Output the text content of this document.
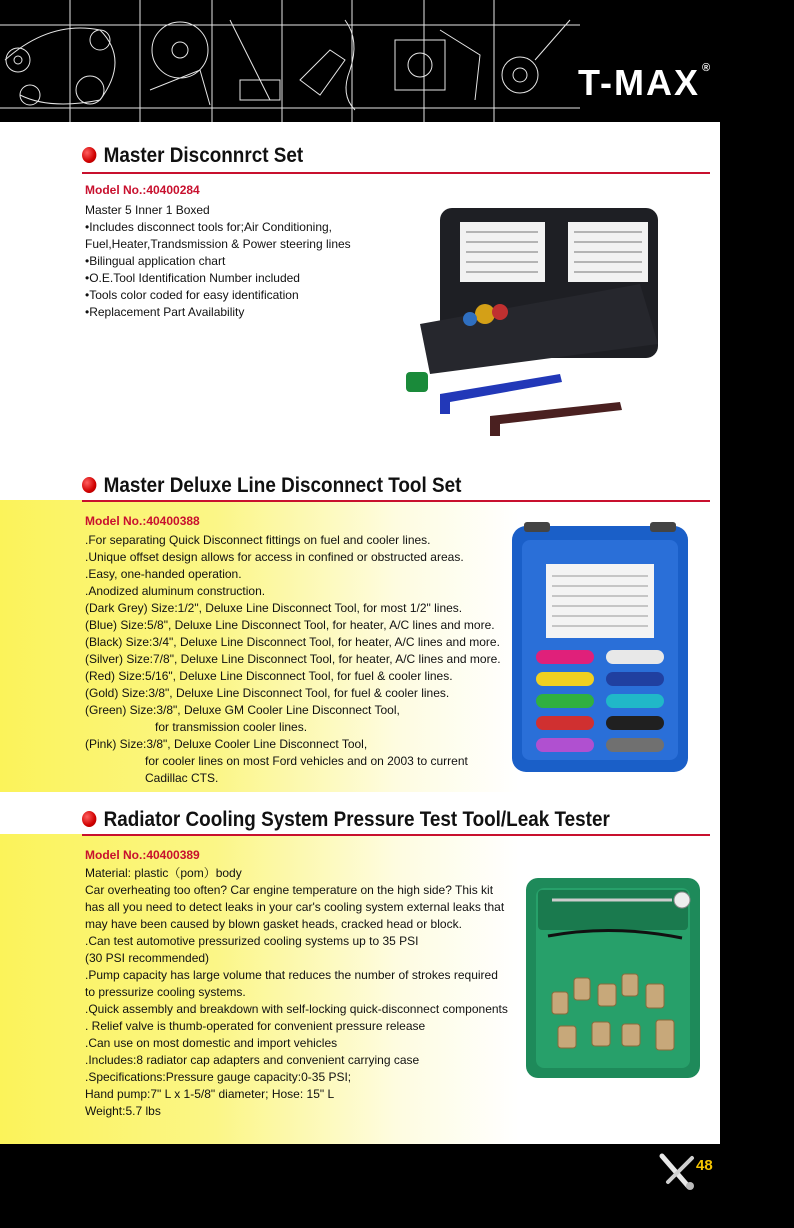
T-MAX ®
Master Disconnrct Set
Model No.:40400284
Master 5 Inner 1 Boxed
•Includes disconnect tools for;Air Conditioning,
Fuel,Heater,Trandsmission & Power steering lines
•Bilingual application chart
•O.E.Tool Identification Number included
•Tools color coded for easy identification
•Replacement Part Availability
Master Deluxe Line Disconnect Tool Set
Model No.:40400388
.For separating Quick Disconnect fittings on fuel and cooler lines.
.Unique offset design allows for access in confined or obstructed areas.
.Easy, one-handed operation.
.Anodized aluminum construction.
(Dark Grey) Size:1/2", Deluxe Line Disconnect Tool, for most 1/2" lines.
(Blue) Size:5/8", Deluxe Line Disconnect Tool, for heater, A/C lines and more.
(Black) Size:3/4", Deluxe Line Disconnect Tool, for heater, A/C lines and more.
(Silver) Size:7/8", Deluxe Line Disconnect Tool, for heater, A/C lines and more.
(Red) Size:5/16", Deluxe Line Disconnect Tool, for fuel & cooler lines.
(Gold) Size:3/8", Deluxe Line Disconnect Tool, for fuel & cooler lines.
(Green) Size:3/8", Deluxe GM Cooler Line Disconnect Tool,
for transmission cooler lines.
(Pink) Size:3/8", Deluxe Cooler Line Disconnect Tool,
for cooler lines on most Ford vehicles and on 2003 to current
Cadillac CTS.
Radiator Cooling System Pressure Test Tool/Leak Tester
Model No.:40400389
Material: plastic（pom）body
Car overheating too often? Car engine temperature on the high side? This kit
has all you need to detect leaks in your car's cooling system external leaks that
may have been caused by blown gasket heads, cracked head or block.
.Can test automotive pressurized cooling systems up to 35 PSI
(30 PSI recommended)
.Pump capacity has large volume that reduces the number of strokes required
to pressurize cooling systems.
.Quick assembly and breakdown with self-locking quick-disconnect components
. Relief valve is thumb-operated for convenient pressure release
.Can use on most domestic and import vehicles
.Includes:8 radiator cap adapters and convenient carrying case
.Specifications:Pressure gauge capacity:0-35 PSI;
Hand pump:7" L x 1-5/8" diameter; Hose: 15" L
Weight:5.7 lbs
48
